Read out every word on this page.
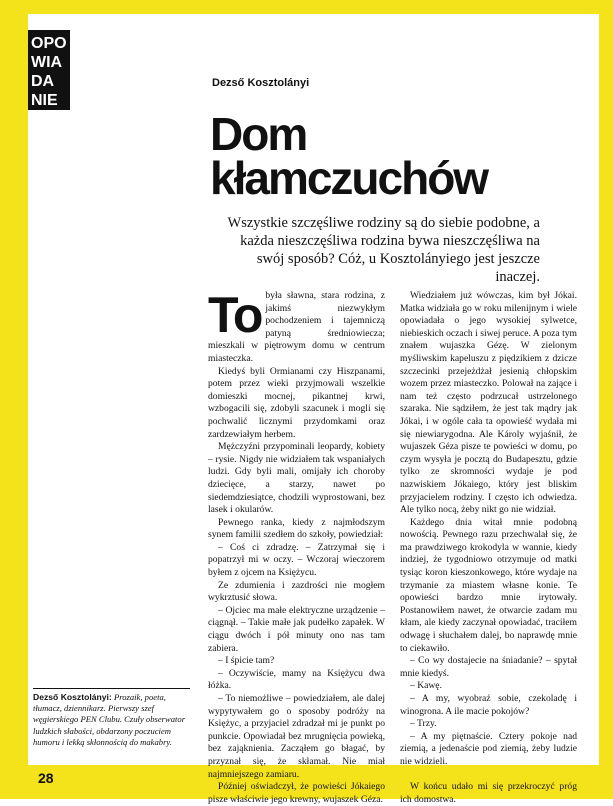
OPO
WIA
DA
NIE
Dezső Kosztolányi
Dom
kłamczuchów

Wszystkie szczęśliwe rodziny są do siebie podobne, a każda nieszczęśliwa rodzina bywa nieszczęśliwa na swój sposób? Cóż, u Kosztolányiego jest jeszcze inaczej.

To była sławna, stara rodzina, z jakimś niezwykłym pochodzeniem i tajemniczą patyną średniowiecza; mieszkali w piętrowym domu w centrum miasteczka.

Kiedyś byli Ormianami czy Hiszpanami, potem przez wieki przyjmowali wszelkie domieszki mocnej, pikantnej krwi, wzbogacili się, zdobyli szacunek i mogli się pochwalić licznymi przydomkami oraz zardzewiałym herbem.

Mężczyźni przypominali leopardy, kobiety – rysie. Nigdy nie widziałem tak wspaniałych ludzi. Gdy byli mali, omijały ich choroby dziecięce, a starzy, nawet po siedemdziesiątce, chodzili wyprostowani, bez lasek i okularów.

Pewnego ranka, kiedy z najmłodszym synem familii szedłem do szkoły, powiedział:

– Coś ci zdradzę. – Zatrzymał się i popatrzył mi w oczy. – Wczoraj wieczorem byłem z ojcem na Księżycu.

Ze zdumienia i zazdrości nie mogłem wykrztusić słowa.

– Ojciec ma małe elektryczne urządzenie – ciągnął. – Takie małe jak pudełko zapałek. W ciągu dwóch i pół minuty ono nas tam zabiera.

– I śpicie tam?

– Oczywiście, mamy na Księżycu dwa łóżka.

– To niemożliwe – powiedziałem, ale dalej wypytywałem go o sposoby podróży na Księżyc, a przyjaciel zdradzał mi je punkt po punkcie. Opowiadał bez mrugnięcia powieką, bez zająknienia. Zacząłem go błagać, by przyznał się, że skłamał. Nie miał najmniejszego zamiaru.

Później oświadczył, że powieści Jókaiego pisze właściwie jego krewny, wujaszek Géza.

Wiedziałem już wówczas, kim był Jókai. Matka widziała go w roku milenijnym i wiele opowiadała o jego wysokiej sylwetce, niebieskich oczach i siwej peruce. A poza tym znałem wujaszka Gézę. W zielonym myśliwskim kapeluszu z piędzikiem z dzicze szczecinki przejeżdżał jesienią chłopskim wozem przez miasteczko. Polował na zające i nam też często podrzucał ustrzelonego szaraka. Nie sądziłem, że jest tak mądry jak Jókai, i w ogóle cała ta opowieść wydała mi się niewiarygodna. Ale Károly wyjaśnił, że wujaszek Géza pisze te powieści w domu, po czym wysyła je pocztą do Budapesztu, gdzie tylko ze skromności wydaje je pod nazwiskiem Jókaiego, który jest bliskim przyjacielem rodziny. I często ich odwiedza. Ale tylko nocą, żeby nikt go nie widział.

Każdego dnia witał mnie podobną nowością. Pewnego razu przechwalał się, że ma prawdziwego krokodyla w wannie, kiedy indziej, że tygodniowo otrzymuje od matki tysiąc koron kieszonkowego, które wydaje na trzymanie za miastem własne konie. Te opowieści bardzo mnie irytowały. Postanowiłem nawet, że otwarcie zadam mu kłam, ale kiedy zaczynał opowiadać, traciłem odwagę i słuchałem dalej, bo naprawdę mnie to ciekawiło.

– Co wy dostajecie na śniadanie? – spytał mnie kiedyś.

– Kawę.

– A my, wyobraź sobie, czekoladę i winogrona. A ile macie pokojów?

– Trzy.

– A my piętnaście. Cztery pokoje nad ziemią, a jedenaście pod ziemią, żeby ludzie nie widzieli.

W końcu udało mi się przekroczyć próg ich domostwa.

Dezső Kosztolányi: Prozaik, poeta, tłumacz, dziennikarz. Pierwszy szef węgierskiego PEN Clubu. Czuły obserwator ludzkich słabości, obdarzony poczuciem humoru i lekką skłonnością do makabry.
28
